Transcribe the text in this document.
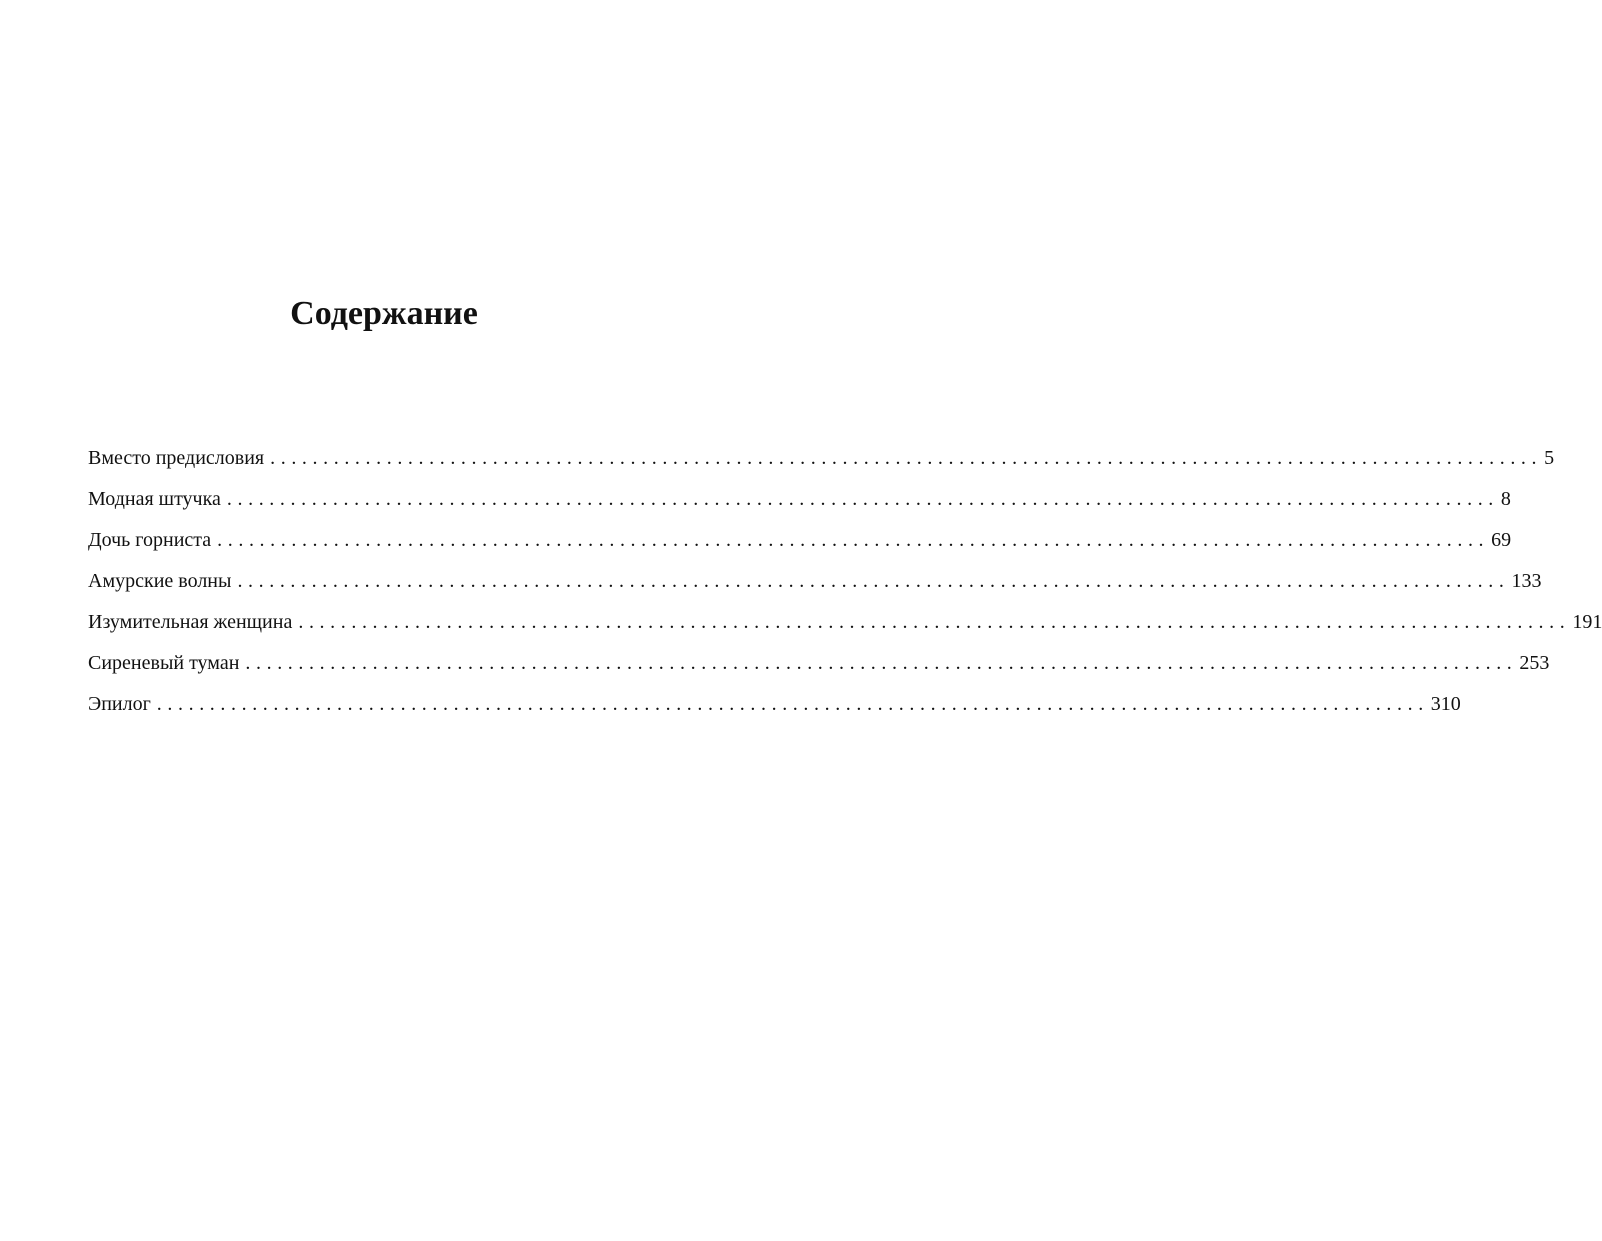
Содержание
Вместо предисловия ........................................................................................................................ 5
Модная штучка ........................................................................................................................ 8
Дочь горниста ........................................................................................................................ 69
Амурские волны ........................................................................................................................ 133
Изумительная женщина ........................................................................................................................ 191
Сиреневый туман ........................................................................................................................ 253
Эпилог ........................................................................................................................ 310
